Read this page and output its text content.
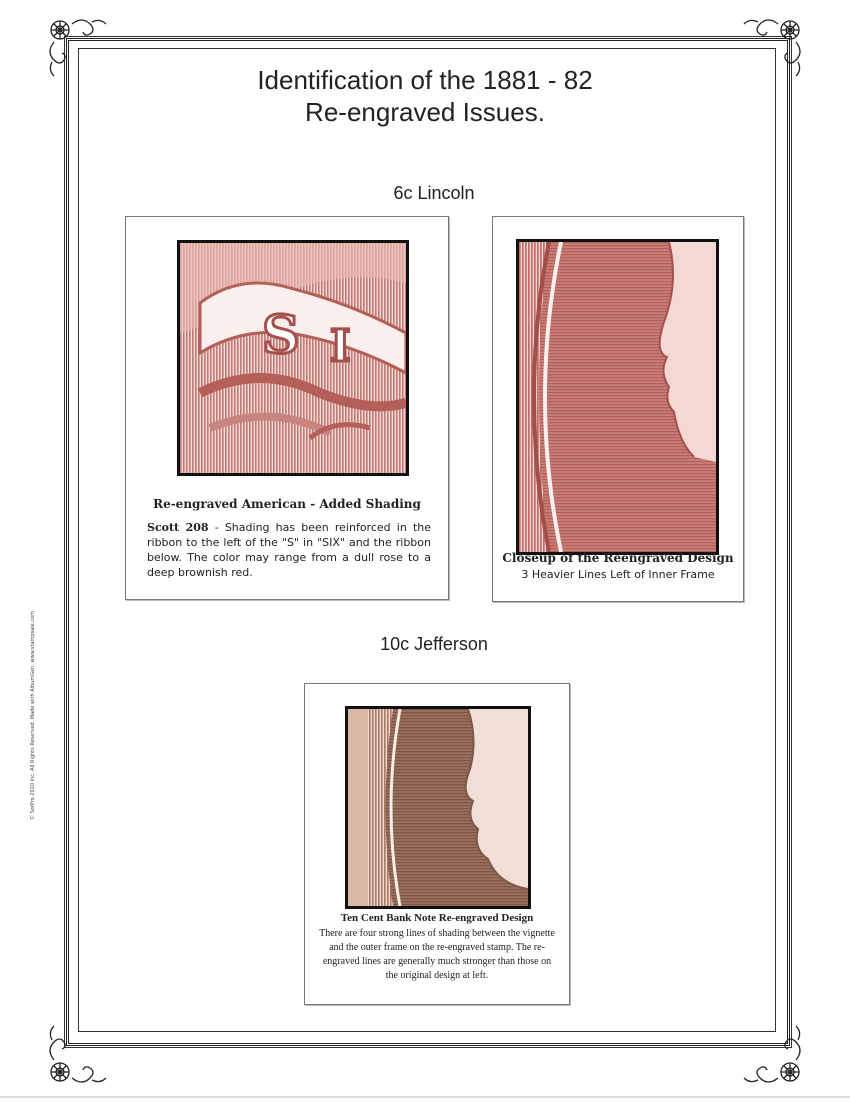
Identification of the 1881 - 82
Re-engraved Issues.
6c Lincoln
S I
Re-engraved American - Added Shading
Scott 208 - Shading has been reinforced in the ribbon to the left of the "S" in "SIX" and the ribbon below. The color may range from a dull rose to a deep brownish red.
Closeup of the Reengraved Design
3 Heavier Lines Left of Inner Frame
10c Jefferson
Ten Cent Bank Note Re-engraved Design
There are four strong lines of shading between the vignette and the outer frame on the re-engraved stamp. The re-engraved lines are generally much stronger than those on the original design at left.
© SotPro 2010 Inc. All Rights Reserved. Made with AlbumGen. www.stampsale.com
